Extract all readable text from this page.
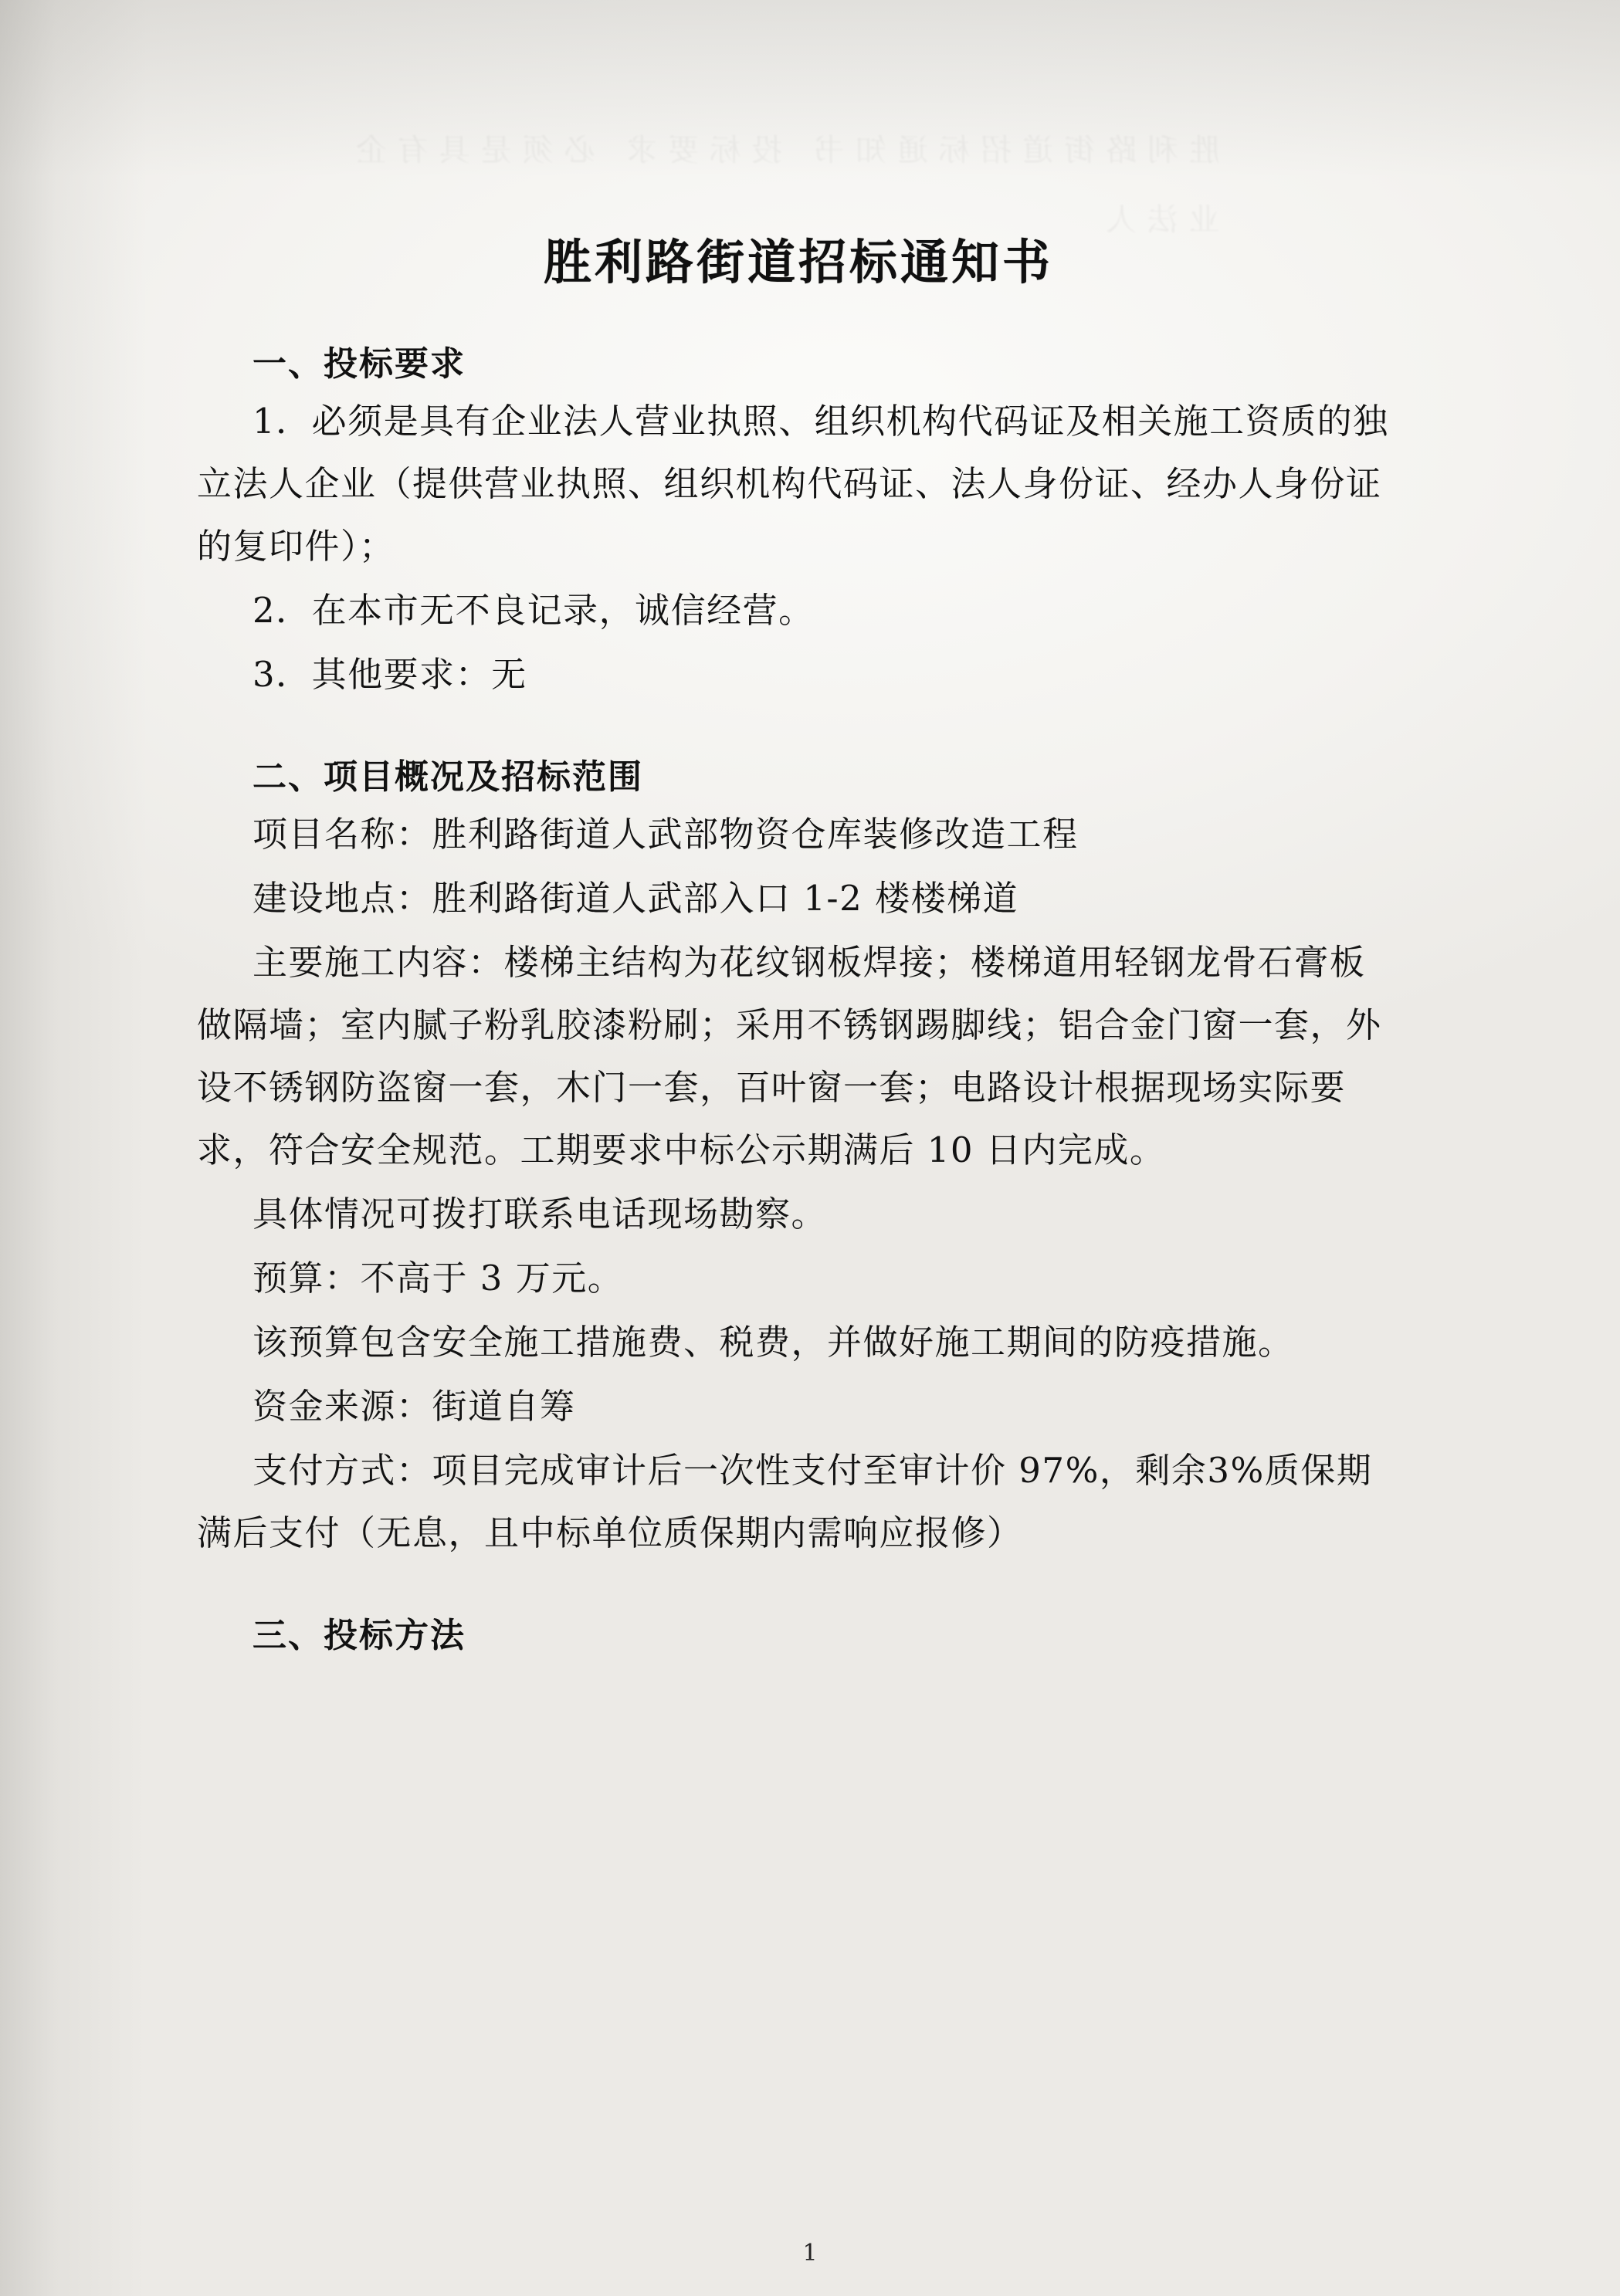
胜利路街道招标通知书 投标要求 必须是具有企业法人
胜利路街道招标通知书
一、投标要求

1．必须是具有企业法人营业执照、组织机构代码证及相关施工资质的独立法人企业（提供营业执照、组织机构代码证、法人身份证、经办人身份证的复印件）；

2．在本市无不良记录，诚信经营。

3．其他要求：无

二、项目概况及招标范围

项目名称：胜利路街道人武部物资仓库装修改造工程

建设地点：胜利路街道人武部入口 1-2 楼楼梯道

主要施工内容：楼梯主结构为花纹钢板焊接；楼梯道用轻钢龙骨石膏板做隔墙；室内腻子粉乳胶漆粉刷；采用不锈钢踢脚线；铝合金门窗一套，外设不锈钢防盗窗一套，木门一套，百叶窗一套；电路设计根据现场实际要求，符合安全规范。工期要求中标公示期满后 10 日内完成。

具体情况可拨打联系电话现场勘察。

预算：不高于 3 万元。

该预算包含安全施工措施费、税费，并做好施工期间的防疫措施。

资金来源：街道自筹

支付方式：项目完成审计后一次性支付至审计价 97%，剩余3%质保期满后支付（无息，且中标单位质保期内需响应报修）

三、投标方法
1
